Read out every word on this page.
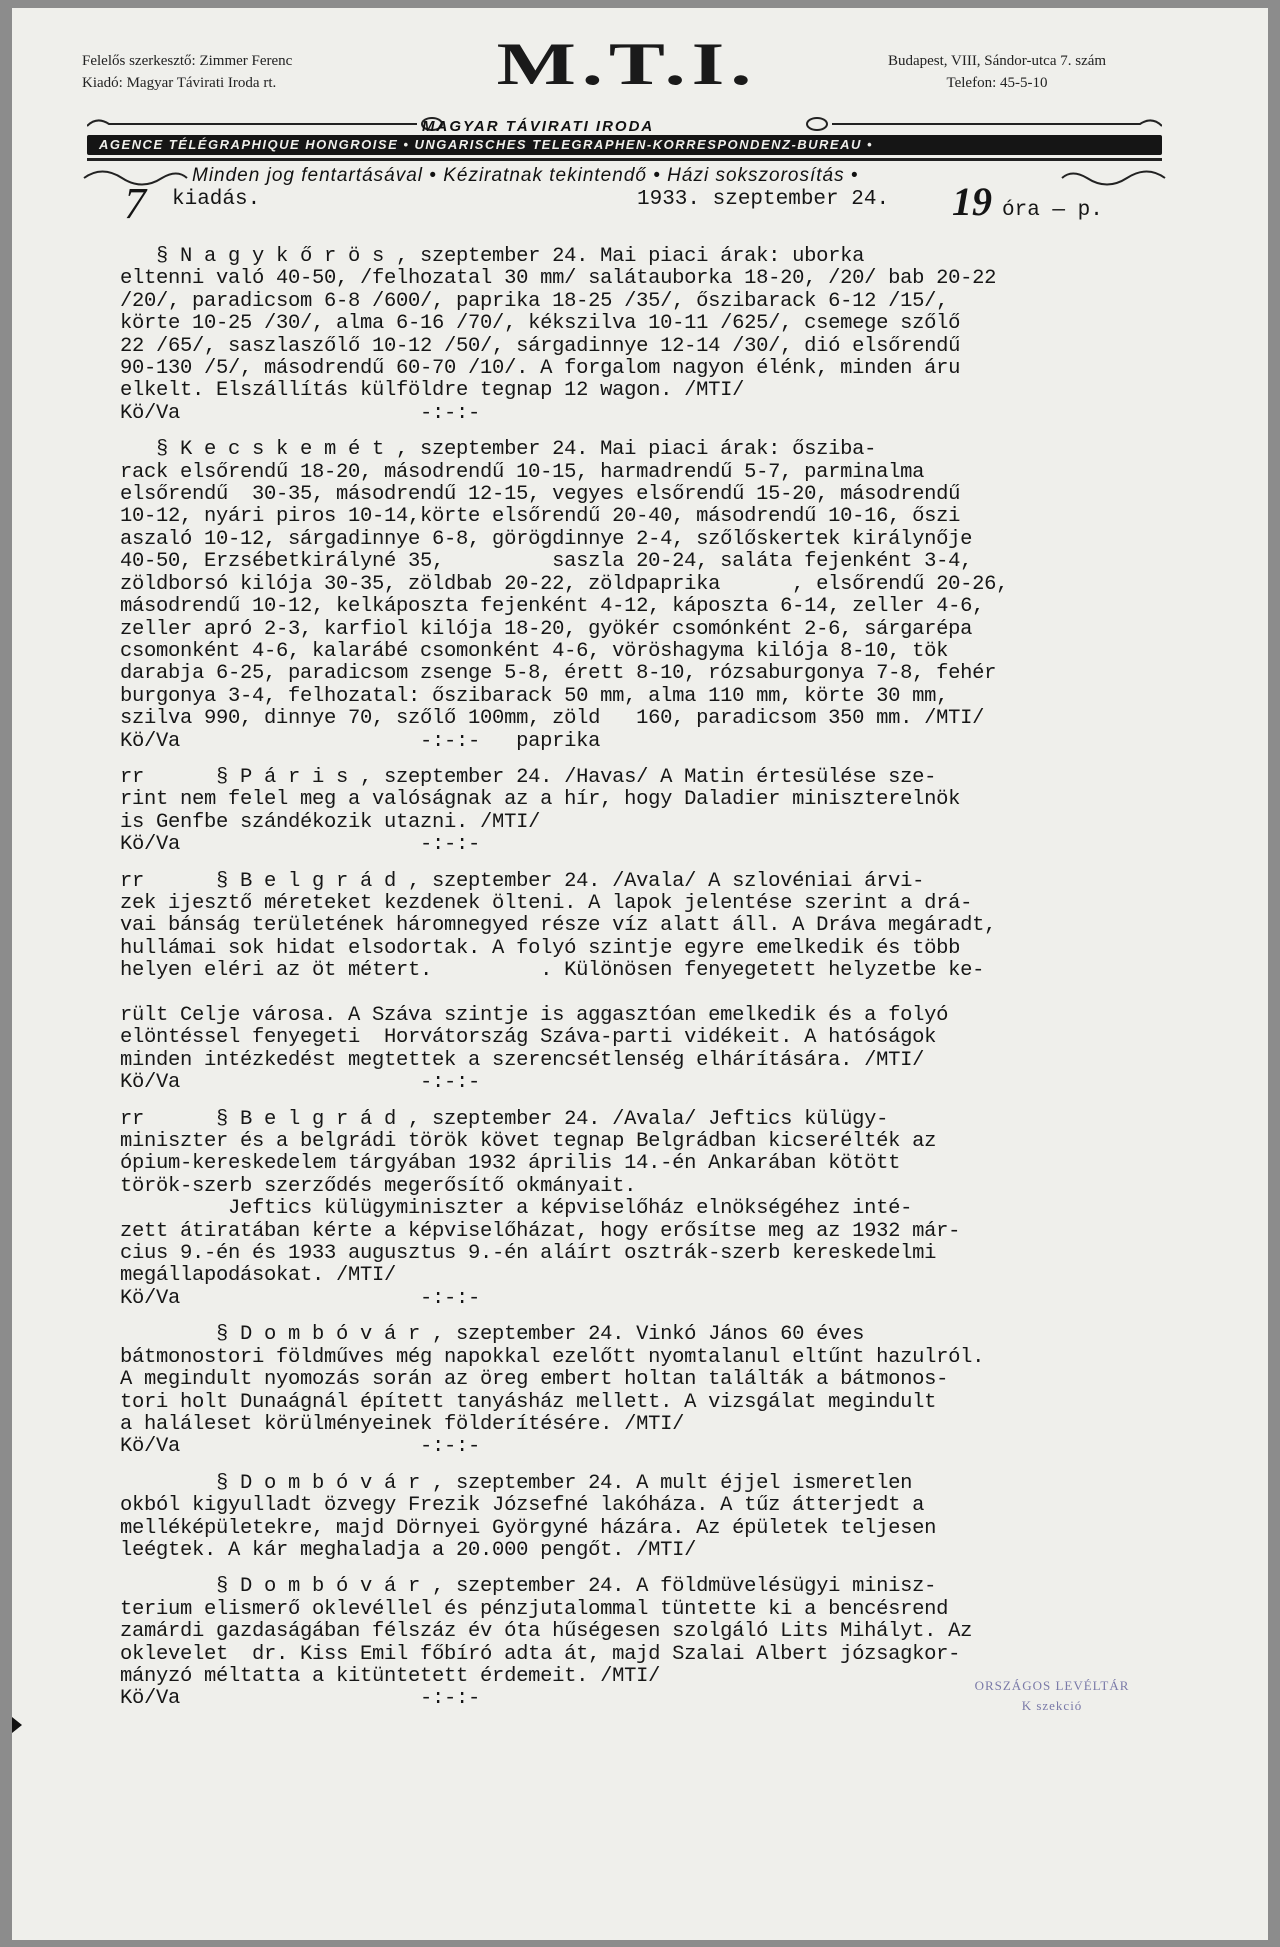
Felelős szerkesztő: Zimmer Ferenc
Kiadó: Magyar Távirati Iroda rt.	M.T.I.	Budapest, VIII, Sándor-utca 7. szám
Telefon: 45-5-10
MAGYAR TÁVIRATI IRODA
AGENCE TÉLÉGRAPHIQUE HONGROISE • UNGARISCHES TELEGRAPHEN-KORRESPONDENZ-BUREAU •
Minden jog fentartásával • Kéziratnak tekintendő • Házi sokszorosítás •
7 kiadás.	1933. szeptember 24. 19 óra — p.
§ N a g y k ő r ö s , szeptember 24. Mai piaci árak: uborka
eltenni való 40-50, /felhozatal 30 mm/ salátauborka 18-20, /20/ bab 20-22
/20/, paradicsom 6-8 /600/, paprika 18-25 /35/, őszibarack 6-12 /15/,
körte 10-25 /30/, alma 6-16 /70/, kékszilva 10-11 /625/, csemege szőlő
22 /65/, saszlaszőlő 10-12 /50/, sárgadinnye 12-14 /30/, dió elsőrendű
90-130 /5/, másodrendű 60-70 /10/. A forgalom nagyon élénk, minden áru
elkelt. Elszállítás külföldre tegnap 12 wagon. /MTI/
Kö/Va                    -:-:-
§ K e c s k e m é t , szeptember 24. Mai piaci árak: ősziba-
rack elsőrendű 18-20, másodrendű 10-15, harmadrendű 5-7, parminalma
elsőrendű  30-35, másodrendű 12-15, vegyes elsőrendű 15-20, másodrendű
10-12, nyári piros 10-14,körte elsőrendű 20-40, másodrendű 10-16, őszi
aszaló 10-12, sárgadinnye 6-8, görögdinnye 2-4, szőlőskertek királynője
40-50, Erzsébetkirályné 35,         saszla 20-24, saláta fejenként 3-4,
zöldborsó kilója 30-35, zöldbab 20-22, zöldpaprika      , elsőrendű 20-26,
másodrendű 10-12, kelkáposzta fejenként 4-12, káposzta 6-14, zeller 4-6,
zeller apró 2-3, karfiol kilója 18-20, gyökér csomónként 2-6, sárgarépa
csomonként 4-6, kalarábé csomonként 4-6, vöröshagyma kilója 8-10, tök
darabja 6-25, paradicsom zsenge 5-8, érett 8-10, rózsaburgonya 7-8, fehér
burgonya 3-4, felhozatal: őszibarack 50 mm, alma 110 mm, körte 30 mm,
szilva 990, dinnye 70, szőlő 100mm, zöld   160, paradicsom 350 mm. /MTI/
Kö/Va                    -:-:-   paprika
rr      § P á r i s , szeptember 24. /Havas/ A Matin értesülése sze-
rint nem felel meg a valóságnak az a hír, hogy Daladier miniszterelnök
is Genfbe szándékozik utazni. /MTI/
Kö/Va                    -:-:-
rr      § B e l g r á d , szeptember 24. /Avala/ A szlovéniai árvi-
zek ijesztő méreteket kezdenek ölteni. A lapok jelentése szerint a drá-
vai bánság területének háromnegyed része víz alatt áll. A Dráva megáradt,
hullámai sok hidat elsodortak. A folyó szintje egyre emelkedik és több
helyen eléri az öt métert.         . Különösen fenyegetett helyzetbe ke-

rült Celje városa. A Száva szintje is aggasztóan emelkedik és a folyó
elöntéssel fenyegeti  Horvátország Száva-parti vidékeit. A hatóságok
minden intézkedést megtettek a szerencsétlenség elhárítására. /MTI/
Kö/Va                    -:-:-
rr      § B e l g r á d , szeptember 24. /Avala/ Jeftics külügy-
miniszter és a belgrádi török követ tegnap Belgrádban kicserélték az
ópium-kereskedelem tárgyában 1932 április 14.-én Ankarában kötött
török-szerb szerződés megerősítő okmányait.
Jeftics külügyminiszter a képviselőház elnökségéhez inté-
zett átiratában kérte a képviselőházat, hogy erősítse meg az 1932 már-
cius 9.-én és 1933 augusztus 9.-én aláírt osztrák-szerb kereskedelmi
megállapodásokat. /MTI/
Kö/Va                    -:-:-
§ D o m b ó v á r , szeptember 24. Vinkó János 60 éves
bátmonostori földműves még napokkal ezelőtt nyomtalanul eltűnt hazulról.
A megindult nyomozás során az öreg embert holtan találták a bátmonos-
tori holt Dunaágnál épített tanyásház mellett. A vizsgálat megindult
a haláleset körülményeinek földerítésére. /MTI/
Kö/Va                    -:-:-
§ D o m b ó v á r , szeptember 24. A mult éjjel ismeretlen
okból kigyulladt özvegy Frezik Józsefné lakóháza. A tűz átterjedt a
melléképületekre, majd Dörnyei Györgyné házára. Az épületek teljesen
leégtek. A kár meghaladja a 20.000 pengőt. /MTI/
§ D o m b ó v á r , szeptember 24. A földmüvelésügyi minisz-
terium elismerő oklevéllel és pénzjutalommal tüntette ki a bencésrend
zamárdi gazdaságában félszáz év óta hűségesen szolgáló Lits Mihályt. Az
oklevelet  dr. Kiss Emil főbíró adta át, majd Szalai Albert józsagkor-
mányzó méltatta a kitüntetett érdemeit. /MTI/
Kö/Va                    -:-:-
ORSZÁGOS LEVÉLTÁR
K szekció
